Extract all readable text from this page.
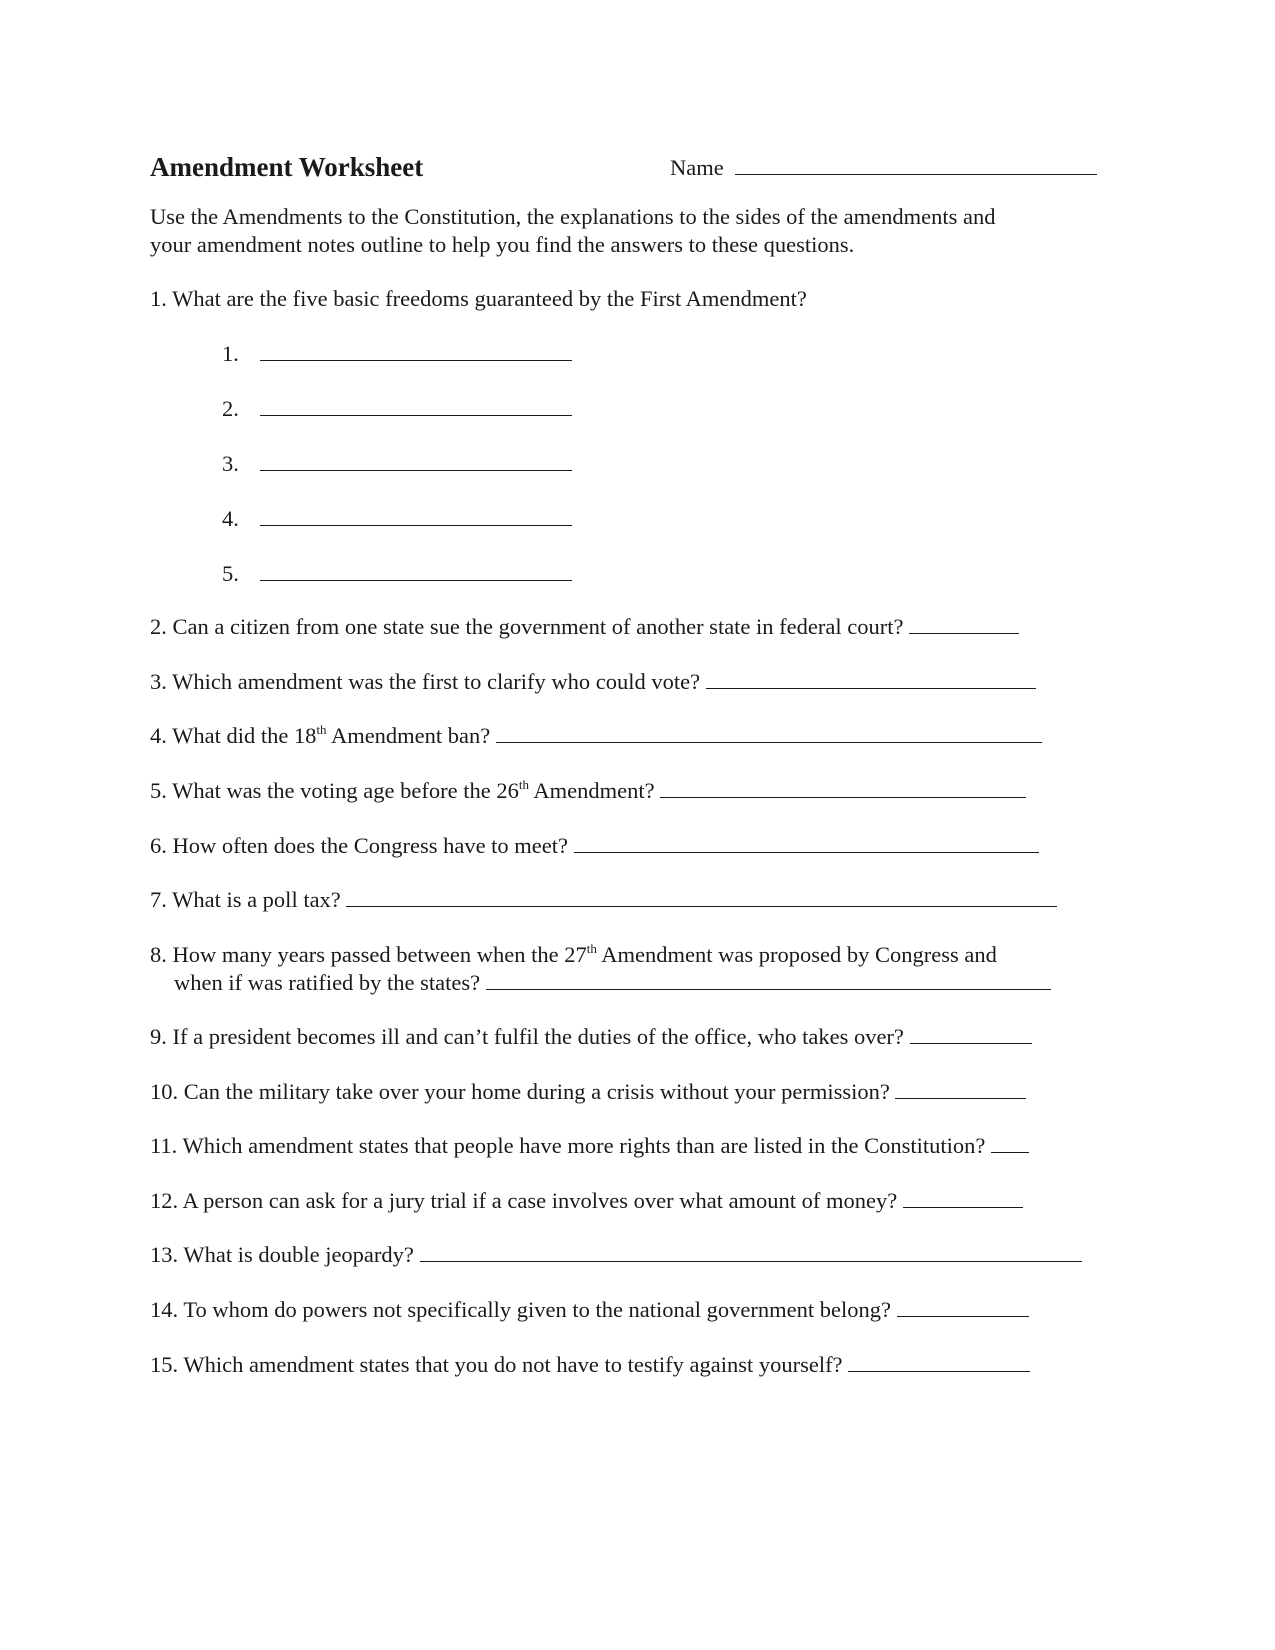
Amendment Worksheet	Name
Use the Amendments to the Constitution, the explanations to the sides of the amendments and
your amendment notes outline to help you find the answers to these questions.
1. What are the five basic freedoms guaranteed by the First Amendment?
1.
2.
3.
4.
5.
2. Can a citizen from one state sue the government of another state in federal court?
3. Which amendment was the first to clarify who could vote?
4. What did the 18th Amendment ban?
5. What was the voting age before the 26th Amendment?
6. How often does the Congress have to meet?
7. What is a poll tax?
8. How many years passed between when the 27th Amendment was proposed by Congress and
when if was ratified by the states?
9. If a president becomes ill and can’t fulfil the duties of the office, who takes over?
10. Can the military take over your home during a crisis without your permission?
11. Which amendment states that people have more rights than are listed in the Constitution?
12. A person can ask for a jury trial if a case involves over what amount of money?
13. What is double jeopardy?
14. To whom do powers not specifically given to the national government belong?
15. Which amendment states that you do not have to testify against yourself?
